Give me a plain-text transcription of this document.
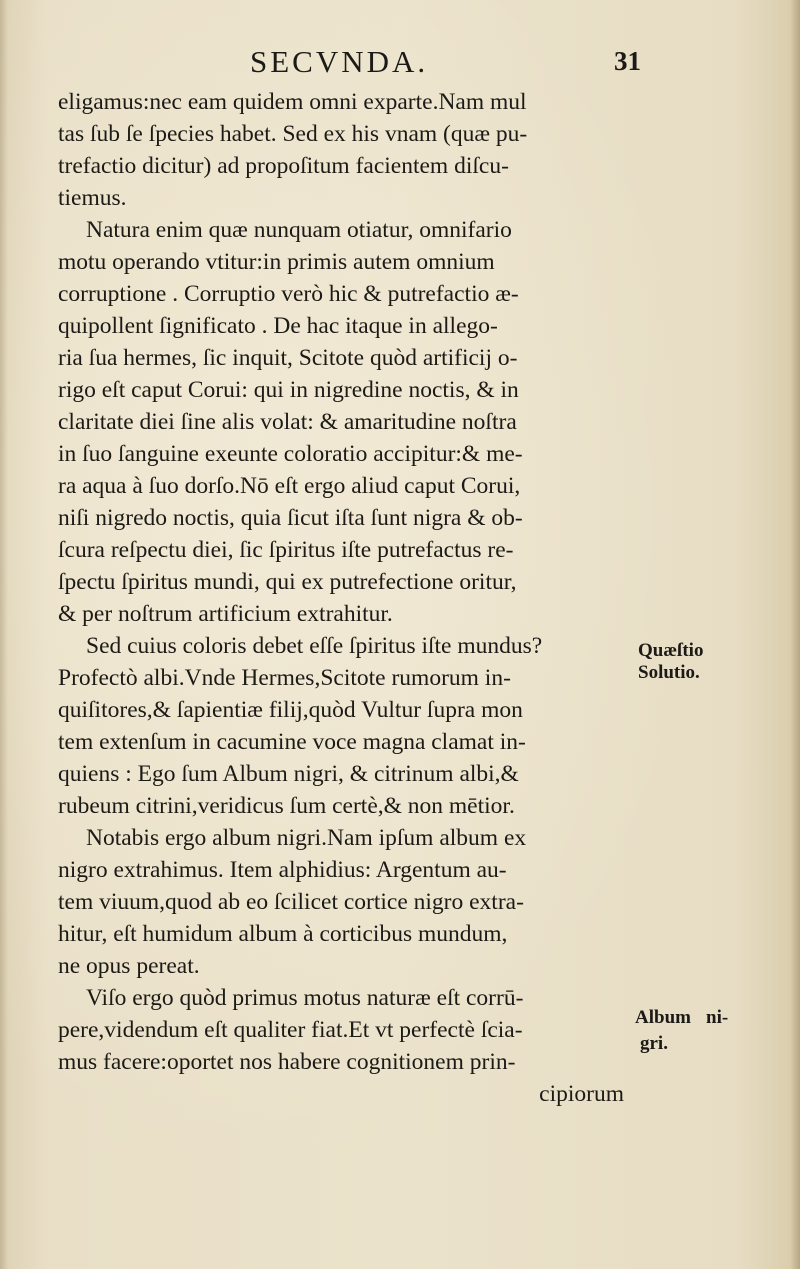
SECVNDA.	31
eligamus:nec eam quidem omni exparte.Nam mul
tas ſub ſe ſpecies habet. Sed ex his vnam (quæ pu-
trefactio dicitur) ad propoſitum facientem diſcu-
tiemus.
Natura enim quæ nunquam otiatur, omnifario
motu operando vtitur:in primis autem omnium
corruptione . Corruptio verò hic & putrefactio æ-
quipollent ſignificato . De hac itaque in allego-
ria ſua hermes, ſic inquit, Scitote quòd artificij o-
rigo eſt caput Corui: qui in nigredine noctis, & in
claritate diei ſine alis volat: & amaritudine noſtra
in ſuo ſanguine exeunte coloratio accipitur:& me-
ra aqua à ſuo dorſo.Nō eſt ergo aliud caput Corui,
niſi nigredo noctis, quia ſicut iſta ſunt nigra & ob-
ſcura reſpectu diei, ſic ſpiritus iſte putrefactus re-
ſpectu ſpiritus mundi, qui ex putrefectione oritur,
& per noſtrum artificium extrahitur.
Sed cuius coloris debet eſſe ſpiritus iſte mundus?
Profectò albi.Vnde Hermes,Scitote rumorum in-
quiſitores,& ſapientiæ filij,quòd Vultur ſupra mon
tem extenſum in cacumine voce magna clamat in-
quiens : Ego ſum Album nigri, & citrinum albi,&
rubeum citrini,veridicus ſum certè,& non mētior.
Notabis ergo album nigri.Nam ipſum album ex
nigro extrahimus. Item alphidius: Argentum au-
tem viuum,quod ab eo ſcilicet cortice nigro extra-
hitur, eſt humidum album à corticibus mundum,
ne opus pereat.
Viſo ergo quòd primus motus naturæ eſt corrū-
pere,videndum eſt qualiter fiat.Et vt perfectè ſcia-
mus facere:oportet nos habere cognitionem prin-
cipiorum
Quæſtio
Solutio.
Album ni-
gri.
